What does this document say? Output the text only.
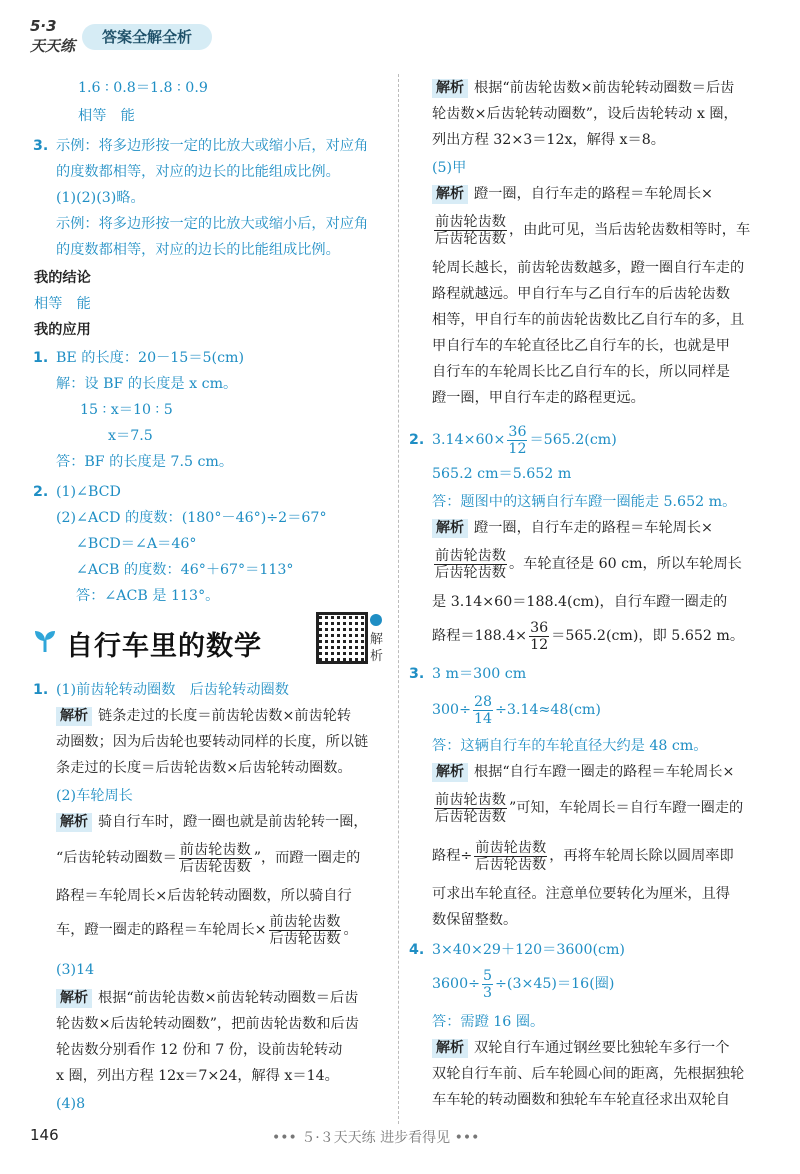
5·3
天天练	答案全解全析
1.6 ∶ 0.8＝1.8 ∶ 0.9
相等　能
3. 示例：将多边形按一定的比放大或缩小后，对应角
的度数都相等，对应的边长的比能组成比例。
(1)(2)(3)略。
示例：将多边形按一定的比放大或缩小后，对应角
的度数都相等，对应的边长的比能组成比例。
我的结论
相等　能
我的应用
1. BE 的长度：20－15＝5(cm)
解：设 BF 的长度是 x cm。
15 ∶ x＝10 ∶ 5
x＝7.5
答：BF 的长度是 7.5 cm。
2. (1)∠BCD
(2)∠ACD 的度数：(180°－46°)÷2＝67°
∠BCD＝∠A＝46°
∠ACB 的度数：46°＋67°＝113°
答：∠ACB 是 113°。
自行车里的数学	解析
1. (1)前齿轮转动圈数　后齿轮转动圈数
解析 链条走过的长度＝前齿轮齿数×前齿轮转
动圈数；因为后齿轮也要转动同样的长度，所以链
条走过的长度＝后齿轮齿数×后齿轮转动圈数。
(2)车轮周长
解析 骑自行车时，蹬一圈也就是前齿轮转一圈，
“后齿轮转动圈数＝ $\frac{\text{前齿轮齿数}}{\text{后齿轮齿数}}$ ”，而蹬一圈走的
路程＝车轮周长×后齿轮转动圈数，所以骑自行
车，蹬一圈走的路程＝车轮周长× $\frac{\text{前齿轮齿数}}{\text{后齿轮齿数}}$ 。
(3)14
解析 根据“前齿轮齿数×前齿轮转动圈数＝后齿
轮齿数×后齿轮转动圈数”，把前齿轮齿数和后齿
轮齿数分别看作 12 份和 7 份，设前齿轮转动
x 圈，列出方程 12x＝7×24，解得 x＝14。
(4)8
解析 根据“前齿轮齿数×前齿轮转动圈数＝后齿
轮齿数×后齿轮转动圈数”，设后齿轮转动 x 圈，
列出方程 32×3＝12x，解得 x＝8。
(5)甲
解析 蹬一圈，自行车走的路程＝车轮周长×
$\frac{\text{前齿轮齿数}}{\text{后齿轮齿数}}$ ，由此可见，当后齿轮齿数相等时，车
轮周长越长，前齿轮齿数越多，蹬一圈自行车走的
路程就越远。甲自行车与乙自行车的后齿轮齿数
相等，甲自行车的前齿轮齿数比乙自行车的多，且
甲自行车的车轮直径比乙自行车的长，也就是甲
自行车的车轮周长比乙自行车的长，所以同样是
蹬一圈，甲自行车走的路程更远。
2. $3.14\times 60\times \frac{36}{12} =565.2(cm)$
565.2 cm＝5.652 m
答：题图中的这辆自行车蹬一圈能走 5.652 m。
解析 蹬一圈，自行车走的路程＝车轮周长×
$\frac{\text{前齿轮齿数}}{\text{后齿轮齿数}}$ 。车轮直径是 60 cm，所以车轮周长
是 3.14×60＝188.4(cm)，自行车蹬一圈走的
路程$=188.4\times \frac{36}{12} =565.2(cm)$，即 5.652 m。
3. 3 m＝300 cm
$300\div \frac{28}{14} \div 3.14\approx 48(cm)$
答：这辆自行车的车轮直径大约是 48 cm。
解析 根据“自行车蹬一圈走的路程＝车轮周长×
$\frac{\text{前齿轮齿数}}{\text{后齿轮齿数}}$ ”可知，车轮周长＝自行车蹬一圈走的
路程÷ $\frac{\text{前齿轮齿数}}{\text{后齿轮齿数}}$ ，再将车轮周长除以圆周率即
可求出车轮直径。注意单位要转化为厘米，且得
数保留整数。
4. 3×40×29＋120＝3600(cm)
$3600\div \frac{5}{3} \div(3\times 45)=16$(圈)
答：需蹬 16 圈。
解析 双轮自行车通过钢丝要比独轮车多行一个
双轮自行车前、后车轮圆心间的距离，先根据独轮
车车轮的转动圈数和独轮车车轮直径求出双轮自
146	••• ５·３天天练 进步看得见 •••
